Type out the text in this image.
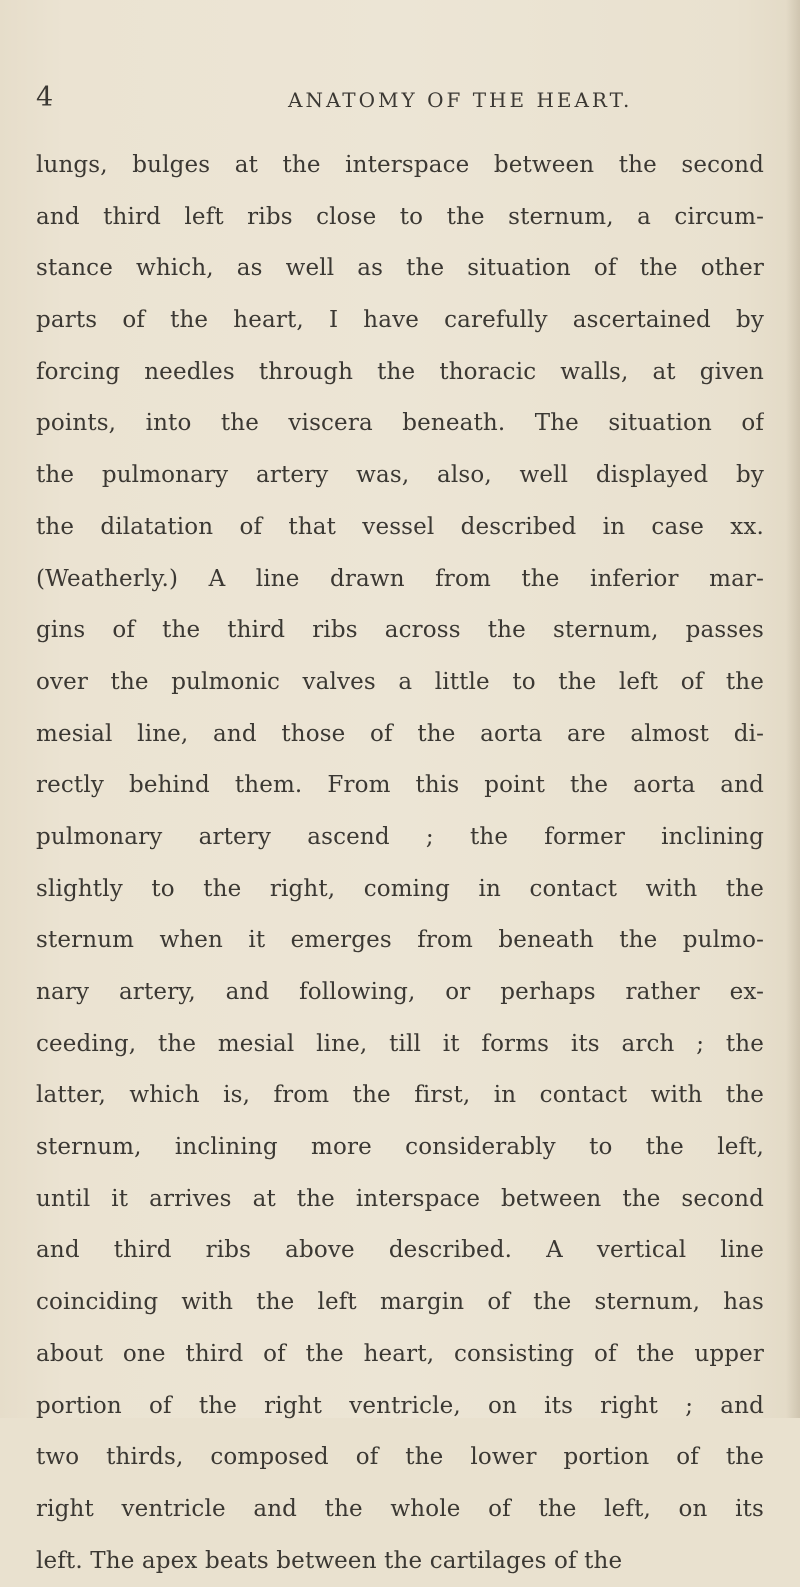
4	ANATOMY OF THE HEART.
lungs, bulges at the interspace between the second
and third left ribs close to the sternum, a circum-
stance which, as well as the situation of the other
parts of the heart, I have carefully ascertained by
forcing needles through the thoracic walls, at given
points, into the viscera beneath. The situation of
the pulmonary artery was, also, well displayed by
the dilatation of that vessel described in case xx.
(Weatherly.) A line drawn from the inferior mar-
gins of the third ribs across the sternum, passes
over the pulmonic valves a little to the left of the
mesial line, and those of the aorta are almost di-
rectly behind them. From this point the aorta and
pulmonary artery ascend ; the former inclining
slightly to the right, coming in contact with the
sternum when it emerges from beneath the pulmo-
nary artery, and following, or perhaps rather ex-
ceeding, the mesial line, till it forms its arch ; the
latter, which is, from the first, in contact with the
sternum, inclining more considerably to the left,
until it arrives at the interspace between the second
and third ribs above described. A vertical line
coinciding with the left margin of the sternum, has
about one third of the heart, consisting of the upper
portion of the right ventricle, on its right ; and
two thirds, composed of the lower portion of the
right ventricle and the whole of the left, on its
left. The apex beats between the cartilages of the
